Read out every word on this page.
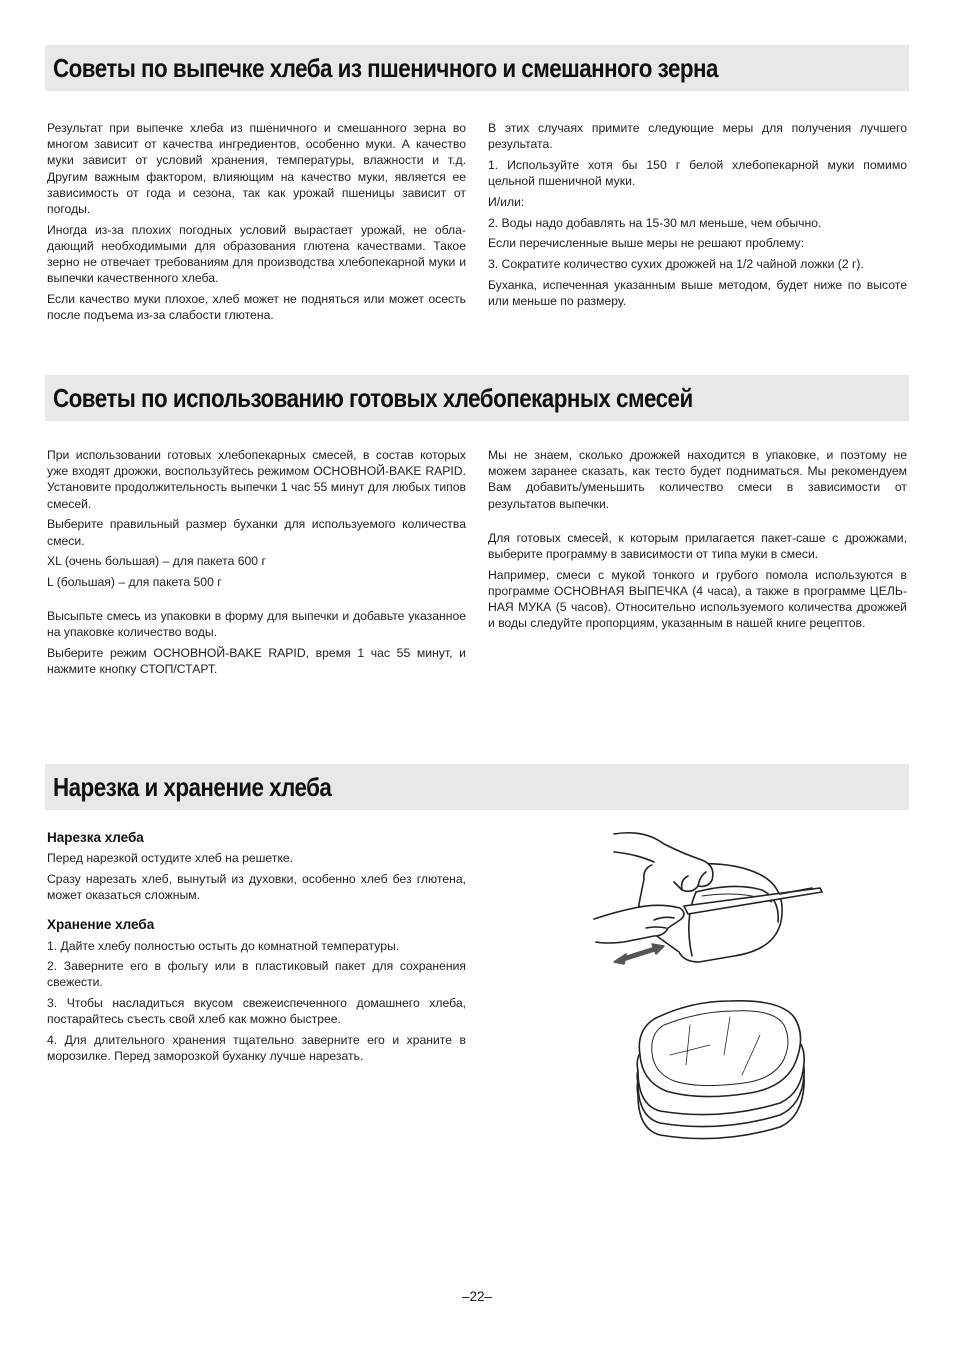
Советы по выпечке хлеба из пшеничного и смешанного зерна

Результат при выпечке хлеба из пшеничного и смешанного зерна во многом зависит от качества ингредиентов, особенно муки. А качество муки зависит от условий хранения, температуры, влажности и т.д. Другим важным фактором, влияющим на качество муки, является ее зависимость от года и сезона, так как урожай пшеницы зависит от погоды.

Иногда из-за плохих погодных условий вырастает урожай, не обладающий необходимыми для образования глютена качествами. Такое зерно не отвечает требованиям для производства хлебопекарной муки и выпечки качественного хлеба.

Если качество муки плохое, хлеб может не подняться или может осесть после подъема из-за слабости глютена.

В этих случаях примите следующие меры для получения лучшего результата.

1. Используйте хотя бы 150 г белой хлебопекарной муки помимо цельной пшеничной муки.

И/или:

2. Воды надо добавлять на 15-30 мл меньше, чем обычно.

Если перечисленные выше меры не решают проблему:

3. Сократите количество сухих дрожжей на 1/2 чайной ложки (2 г).

Буханка, испеченная указанным выше методом, будет ниже по высоте или меньше по размеру.

Советы по использованию готовых хлебопекарных смесей

При использовании готовых хлебопекарных смесей, в состав которых уже входят дрожжи, воспользуйтесь режимом ОСНОВНОЙ-BAKE RAPID. Установите продолжительность выпечки 1 час 55 минут для любых типов смесей.

Выберите правильный размер буханки для используемого количества смеси.

XL (очень большая) – для пакета 600 г

L (большая) – для пакета 500 г

Высыпьте смесь из упаковки в форму для выпечки и добавьте указанное на упаковке количество воды.

Выберите режим ОСНОВНОЙ-BAKE RAPID, время 1 час 55 минут, и нажмите кнопку СТОП/СТАРТ.

Мы не знаем, сколько дрожжей находится в упаковке, и поэтому не можем заранее сказать, как тесто будет подниматься. Мы рекомендуем Вам добавить/уменьшить количество смеси в зависимости от результатов выпечки.

Для готовых смесей, к которым прилагается пакет-саше с дрожжами, выберите программу в зависимости от типа муки в смеси.

Например, смеси с мукой тонкого и грубого помола используются в программе ОСНОВНАЯ ВЫПЕЧКА (4 часа), а также в программе ЦЕЛЬНАЯ МУКА (5 часов). Относительно используемого количества дрожжей и воды следуйте пропорциям, указанным в нашей книге рецептов.

Нарезка и хранение хлеба
Нарезка хлеба

Перед нарезкой остудите хлеб на решетке.

Сразу нарезать хлеб, вынутый из духовки, особенно хлеб без глютена, может оказаться сложным.

Хранение хлеба

1. Дайте хлебу полностью остыть до комнатной температуры.

2. Заверните его в фольгу или в пластиковый пакет для сохранения свежести.

3. Чтобы насладиться вкусом свежеиспеченного домашнего хлеба, постарайтесь съесть свой хлеб как можно быстрее.

4. Для длительного хранения тщательно заверните его и храните в морозилке. Перед заморозкой буханку лучше нарезать.

–22–
